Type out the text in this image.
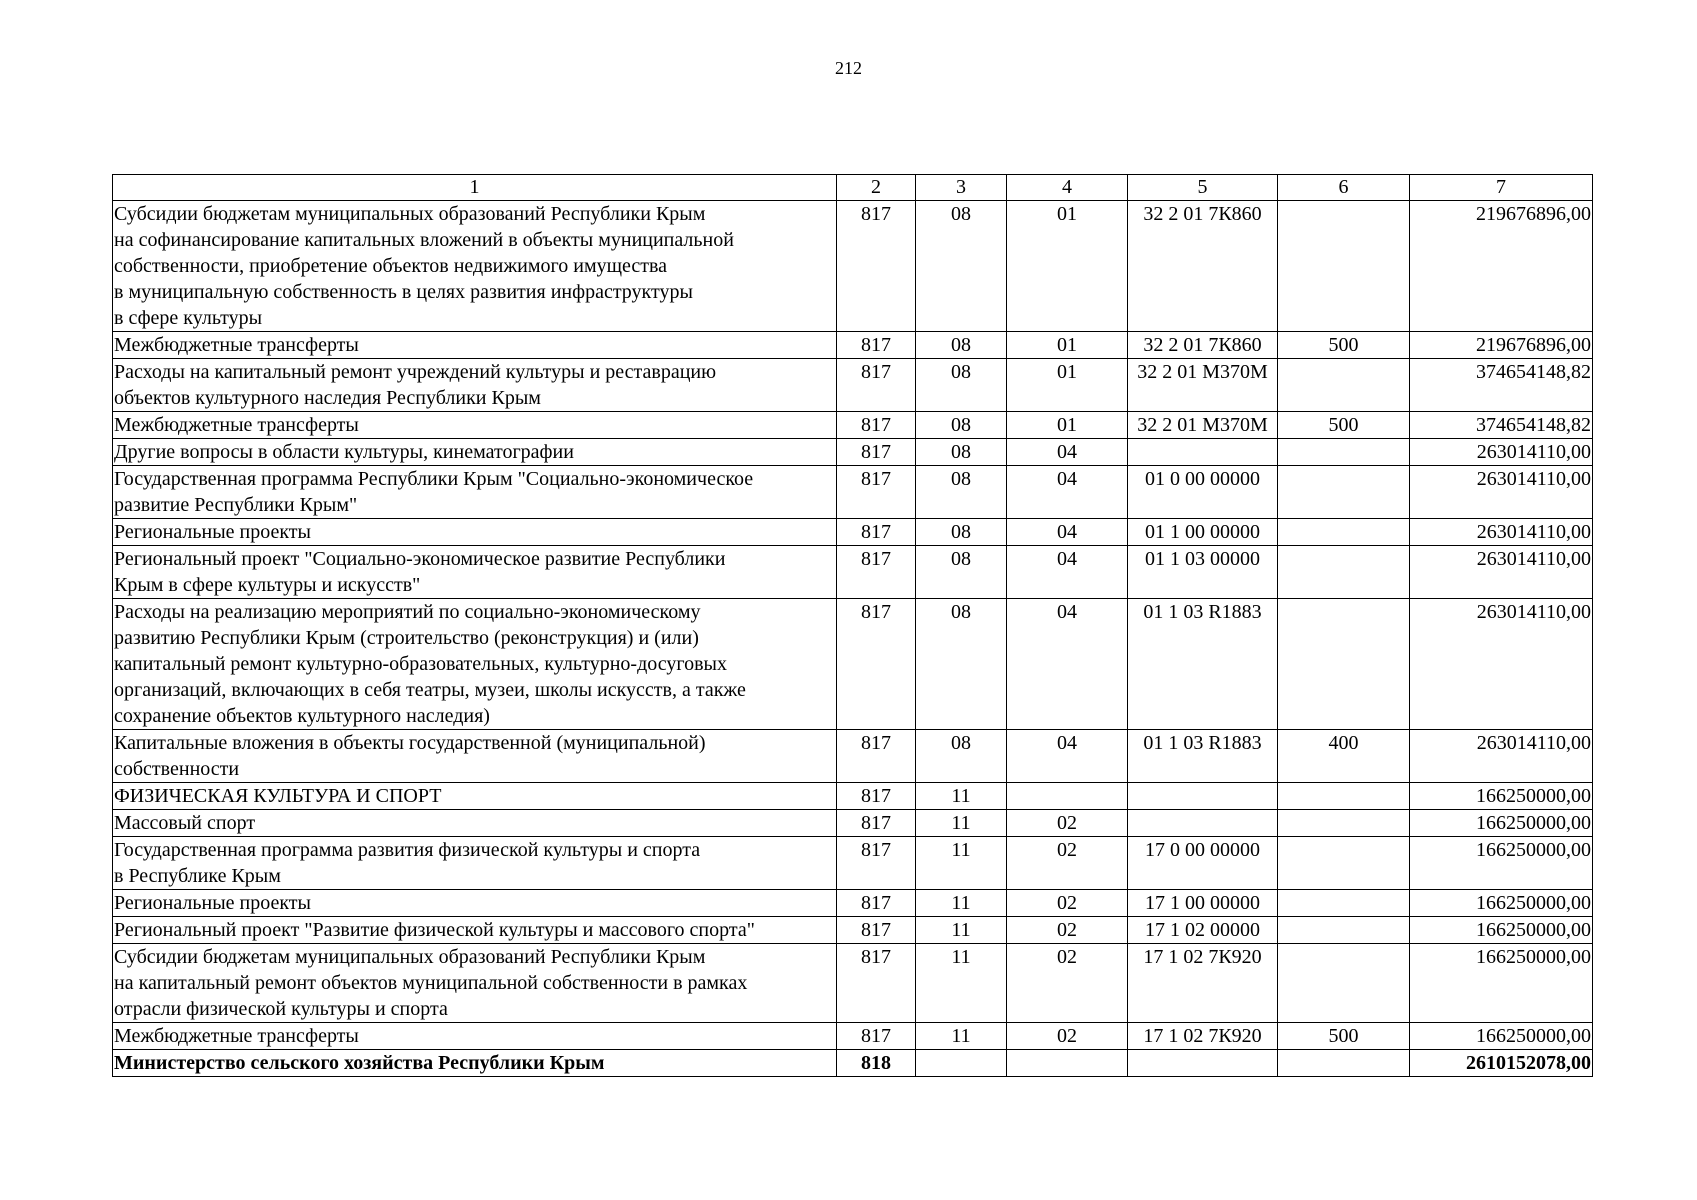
212
1	2	3	4	5	6	7
Субсидии бюджетам муниципальных образований Республики Крым
на софинансирование капитальных вложений в объекты муниципальной
собственности, приобретение объектов недвижимого имущества
в муниципальную собственность в целях развития инфраструктуры
в сфере культуры	817	08	01	32 2 01 7К860		219676896,00
Межбюджетные трансферты	817	08	01	32 2 01 7К860	500	219676896,00
Расходы на капитальный ремонт учреждений культуры и реставрацию
объектов культурного наследия Республики Крым	817	08	01	32 2 01 М370М		374654148,82
Межбюджетные трансферты	817	08	01	32 2 01 М370М	500	374654148,82
Другие вопросы в области культуры, кинематографии	817	08	04			263014110,00
Государственная программа Республики Крым "Социально-экономическое
развитие Республики Крым"	817	08	04	01 0 00 00000		263014110,00
Региональные проекты	817	08	04	01 1 00 00000		263014110,00
Региональный проект "Социально-экономическое развитие Республики
Крым в сфере культуры и искусств"	817	08	04	01 1 03 00000		263014110,00
Расходы на реализацию мероприятий по социально-экономическому
развитию Республики Крым (строительство (реконструкция) и (или)
капитальный ремонт культурно-образовательных, культурно-досуговых
организаций, включающих в себя театры, музеи, школы искусств, а также
сохранение объектов культурного наследия)	817	08	04	01 1 03 R1883		263014110,00
Капитальные вложения в объекты государственной (муниципальной)
собственности	817	08	04	01 1 03 R1883	400	263014110,00
ФИЗИЧЕСКАЯ КУЛЬТУРА И СПОРТ	817	11				166250000,00
Массовый спорт	817	11	02			166250000,00
Государственная программа развития физической культуры и спорта
в Республике Крым	817	11	02	17 0 00 00000		166250000,00
Региональные проекты	817	11	02	17 1 00 00000		166250000,00
Региональный проект "Развитие физической культуры и массового спорта"	817	11	02	17 1 02 00000		166250000,00
Субсидии бюджетам муниципальных образований Республики Крым
на капитальный ремонт объектов муниципальной собственности в рамках
отрасли физической культуры и спорта	817	11	02	17 1 02 7К920		166250000,00
Межбюджетные трансферты	817	11	02	17 1 02 7К920	500	166250000,00
Министерство сельского хозяйства Республики Крым	818					2610152078,00
